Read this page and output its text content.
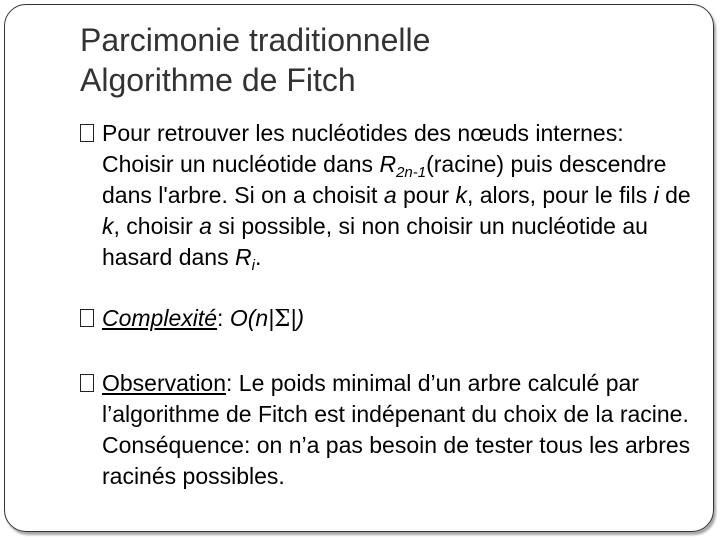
Parcimonie traditionnelle
Algorithme de Fitch
Pour retrouver les nucléotides des nœuds internes: Choisir un nucléotide dans $R_{2n-1}(racine)$ puis descendre dans l'arbre. Si on a choisit a pour k, alors, pour le fils i de k, choisir a si possible, si non choisir un nucléotide au hasard dans $R_i$.
Complexité: O(n|Σ|)
Observation: Le poids minimal d’un arbre calculé par l’algorithme de Fitch est indépenant du choix de la racine. Conséquence: on n’a pas besoin de tester tous les arbres racinés possibles.
